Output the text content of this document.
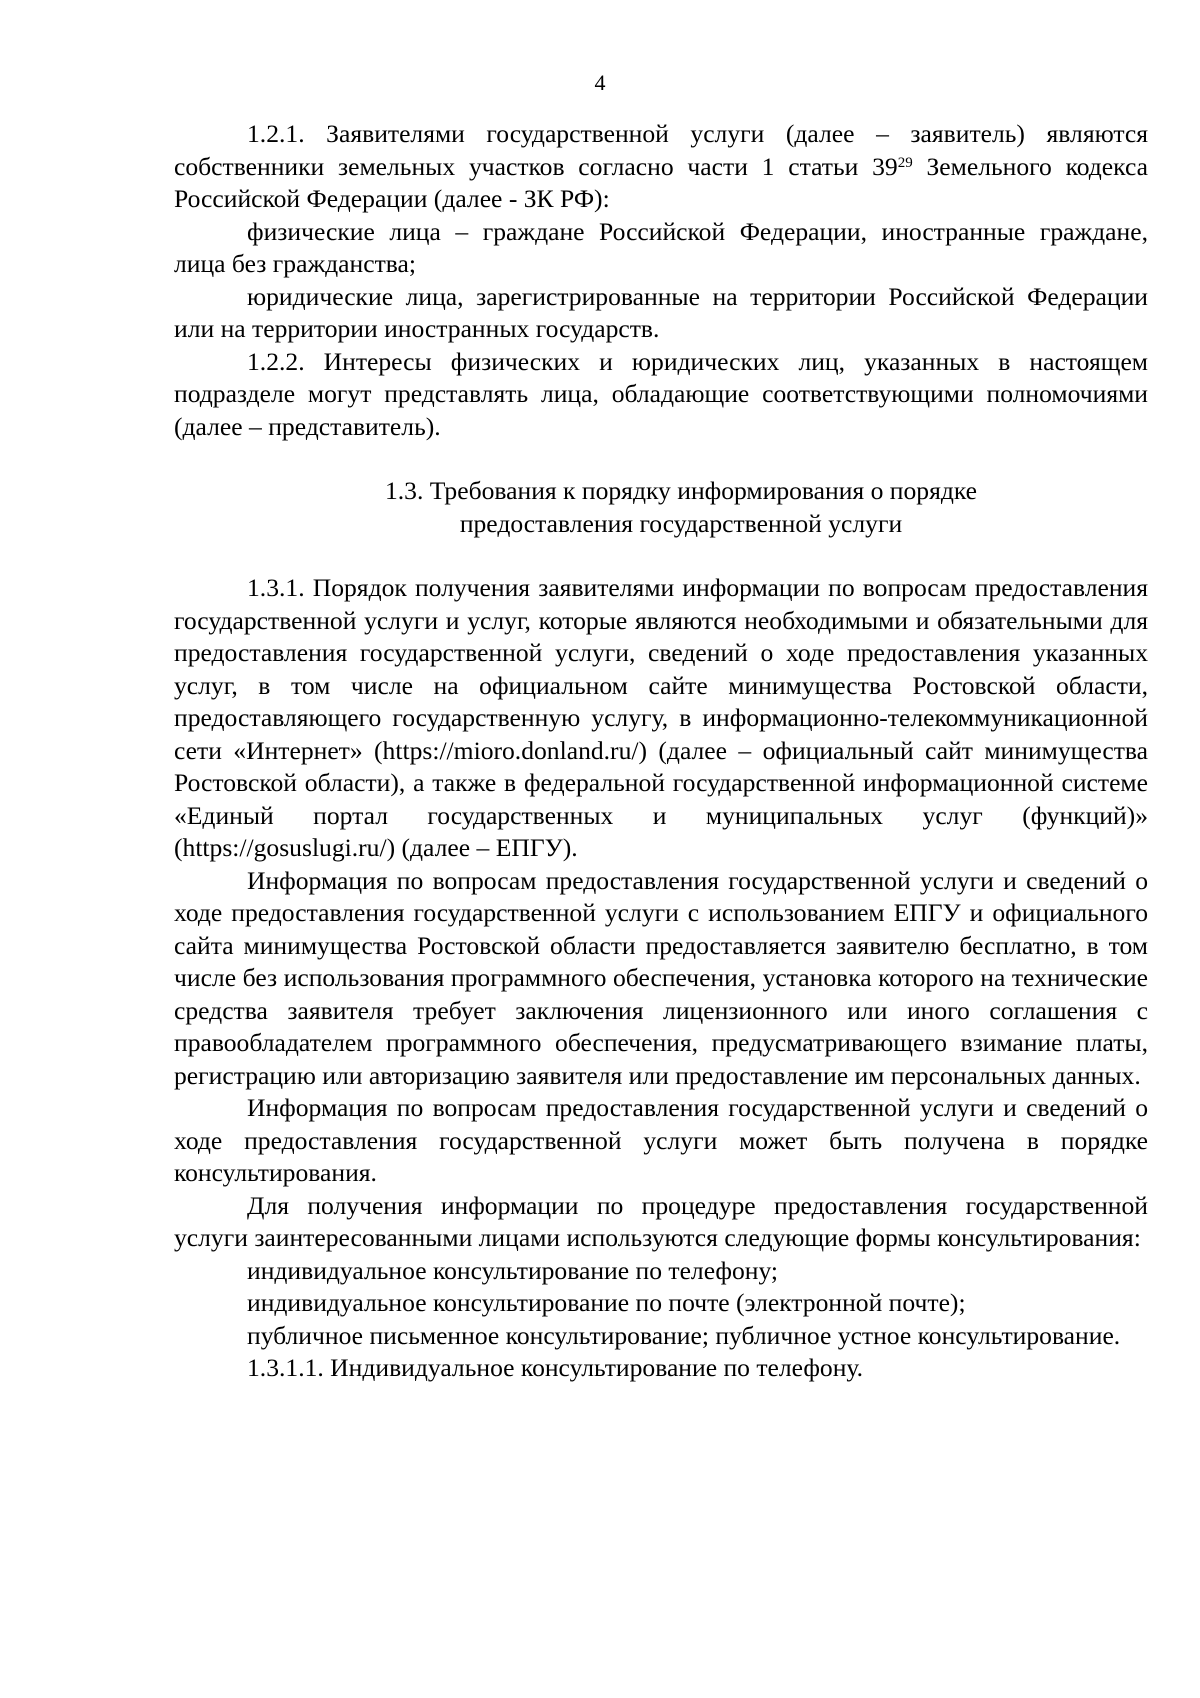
4

1.2.1. Заявителями государственной услуги (далее – заявитель) являются собственники земельных участков согласно части 1 статьи $39^{29}$ Земельного кодекса Российской Федерации (далее - ЗК РФ):

физические лица – граждане Российской Федерации, иностранные граждане, лица без гражданства;

юридические лица, зарегистрированные на территории Российской Федерации или на территории иностранных государств.

1.2.2. Интересы физических и юридических лиц, указанных в настоящем подразделе могут представлять лица, обладающие соответствующими полномочиями (далее – представитель).

1.3. Требования к порядку информирования о порядке

предоставления государственной услуги

1.3.1. Порядок получения заявителями информации по вопросам предоставления государственной услуги и услуг, которые являются необходимыми и обязательными для предоставления государственной услуги, сведений о ходе предоставления указанных услуг, в том числе на официальном сайте минимущества Ростовской области, предоставляющего государственную услугу, в информационно-телекоммуникационной сети «Интернет» (https://mioro.donland.ru/) (далее – официальный сайт минимущества Ростовской области), а также в федеральной государственной информационной системе «Единый портал государственных и муниципальных услуг (функций)» (https://gosuslugi.ru/) (далее – ЕПГУ).

Информация по вопросам предоставления государственной услуги и сведений о ходе предоставления государственной услуги с использованием ЕПГУ и официального сайта минимущества Ростовской области предоставляется заявителю бесплатно, в том числе без использования программного обеспечения, установка которого на технические средства заявителя требует заключения лицензионного или иного соглашения с правообладателем программного обеспечения, предусматривающего взимание платы, регистрацию или авторизацию заявителя или предоставление им персональных данных.

Информация по вопросам предоставления государственной услуги и сведений о ходе предоставления государственной услуги может быть получена в порядке консультирования.

Для получения информации по процедуре предоставления государственной услуги заинтересованными лицами используются следующие формы консультирования:

индивидуальное консультирование по телефону;

индивидуальное консультирование по почте (электронной почте);

публичное письменное консультирование; публичное устное консультирование.

1.3.1.1. Индивидуальное консультирование по телефону.
